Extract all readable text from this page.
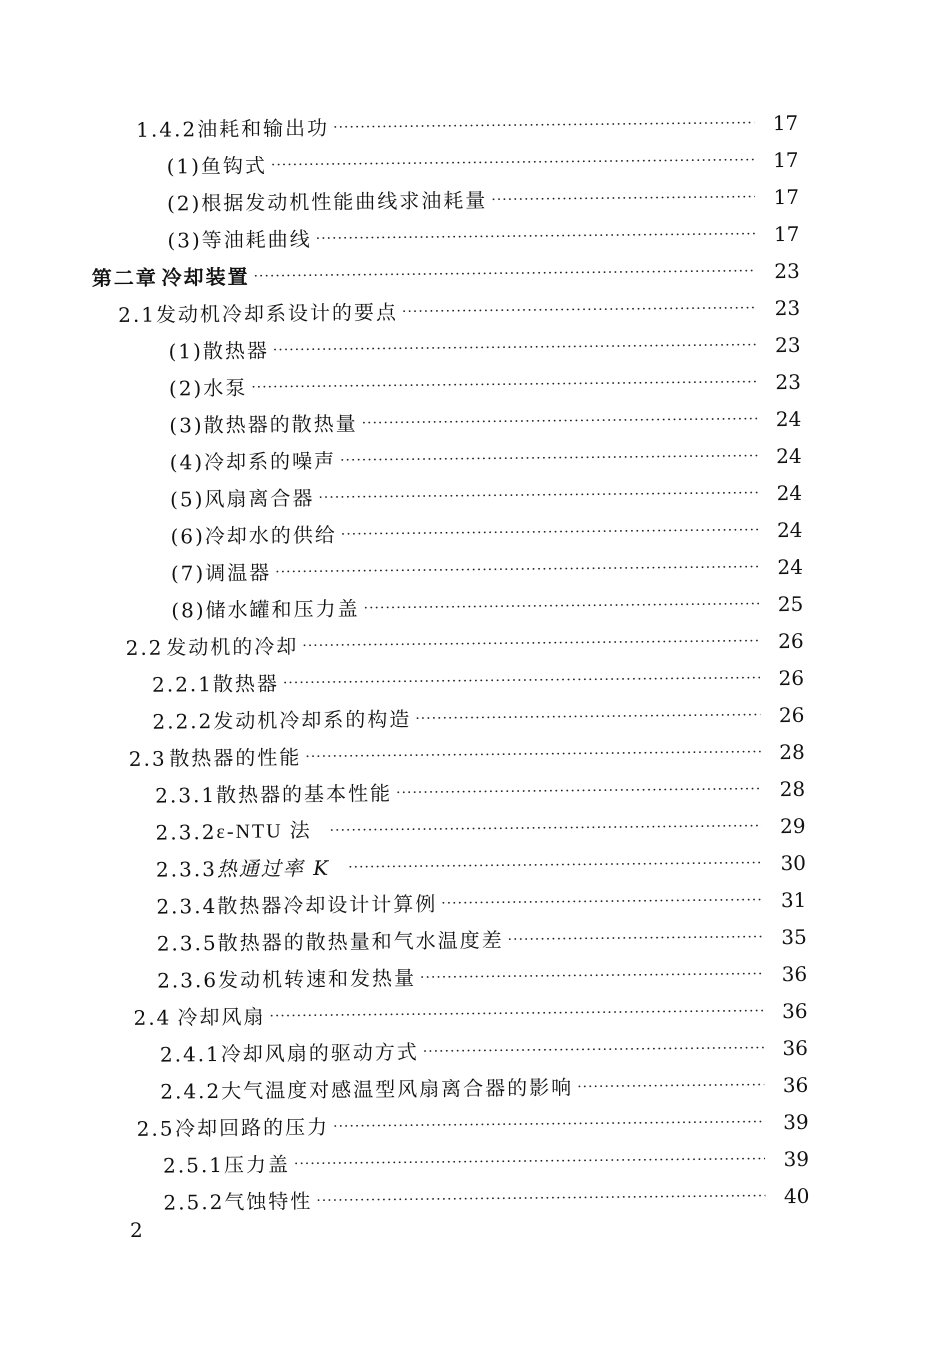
1.4.2 油耗和输出功 ·····	17
(1)鱼钩式 ·····	17
(2)根据发动机性能曲线求油耗量 ·····	17
(3)等油耗曲线 ·····	17
第二章 冷却装置 ·····	23
2.1 发动机冷却系设计的要点 ·····	23
(1)散热器 ·····	23
(2)水泵 ·····	23
(3)散热器的散热量 ·····	24
(4)冷却系的噪声 ·····	24
(5)风扇离合器 ·····	24
(6)冷却水的供给 ·····	24
(7)调温器 ·····	24
(8)储水罐和压力盖 ·····	25
2.2 发动机的冷却 ·····	26
2.2.1 散热器 ·····	26
2.2.2 发动机冷却系的构造 ·····	26
2.3 散热器的性能 ·····	28
2.3.1 散热器的基本性能 ·····	28
2.3.2 ε-NTU 法 ·····	29
2.3.3 热通过率 K ·····	30
2.3.4 散热器冷却设计计算例 ·····	31
2.3.5 散热器的散热量和气水温度差 ·····	35
2.3.6 发动机转速和发热量 ·····	36
2.4 冷却风扇 ·····	36
2.4.1 冷却风扇的驱动方式 ·····	36
2.4.2 大气温度对感温型风扇离合器的影响 ·····	36
2.5 冷却回路的压力 ·····	39
2.5.1 压力盖 ·····	39
2.5.2 气蚀特性 ·····	40
2
